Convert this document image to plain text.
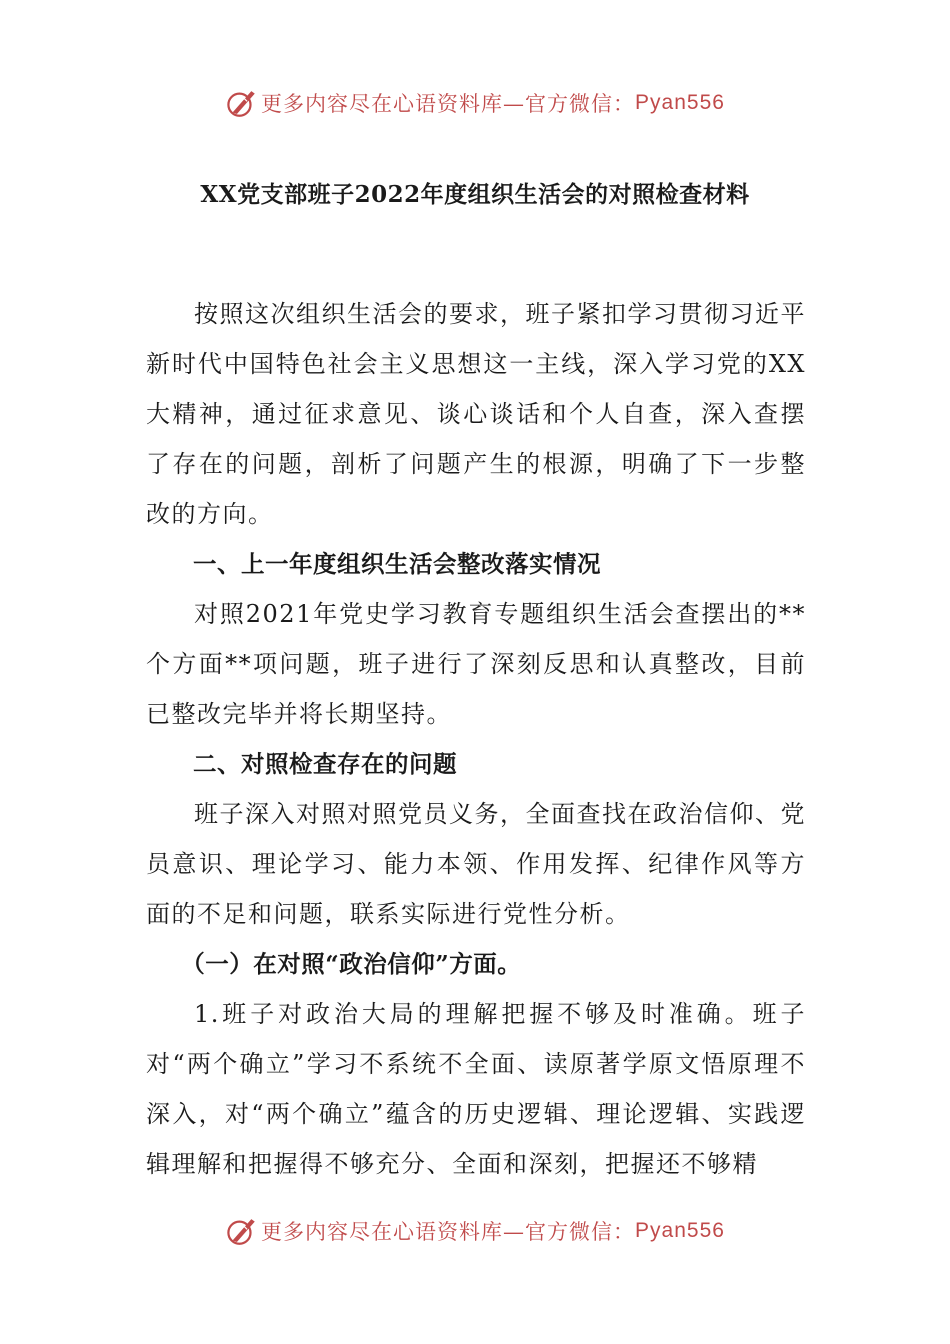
更多内容尽在心语资料库—官方微信： Pyan556
XX党支部班子2022年度组织生活会的对照检查材料

按照这次组织生活会的要求，班子紧扣学习贯彻习近平新时代中国特色社会主义思想这一主线，深入学习党的XX大精神，通过征求意见、谈心谈话和个人自查，深入查摆了存在的问题，剖析了问题产生的根源，明确了下一步整改的方向。

一、上一年度组织生活会整改落实情况

对照2021年党史学习教育专题组织生活会查摆出的**个方面**项问题，班子进行了深刻反思和认真整改，目前已整改完毕并将长期坚持。

二、对照检查存在的问题

班子深入对照对照党员义务，全面查找在政治信仰、党员意识、理论学习、能力本领、作用发挥、纪律作风等方面的不足和问题，联系实际进行党性分析。

（一）在对照“政治信仰”方面。

1.班子对政治大局的理解把握不够及时准确。班子对“两个确立”学习不系统不全面、读原著学原文悟原理不深入，对“两个确立”蕴含的历史逻辑、理论逻辑、实践逻辑理解和把握得不够充分、全面和深刻，把握还不够精

更多内容尽在心语资料库—官方微信： Pyan556
